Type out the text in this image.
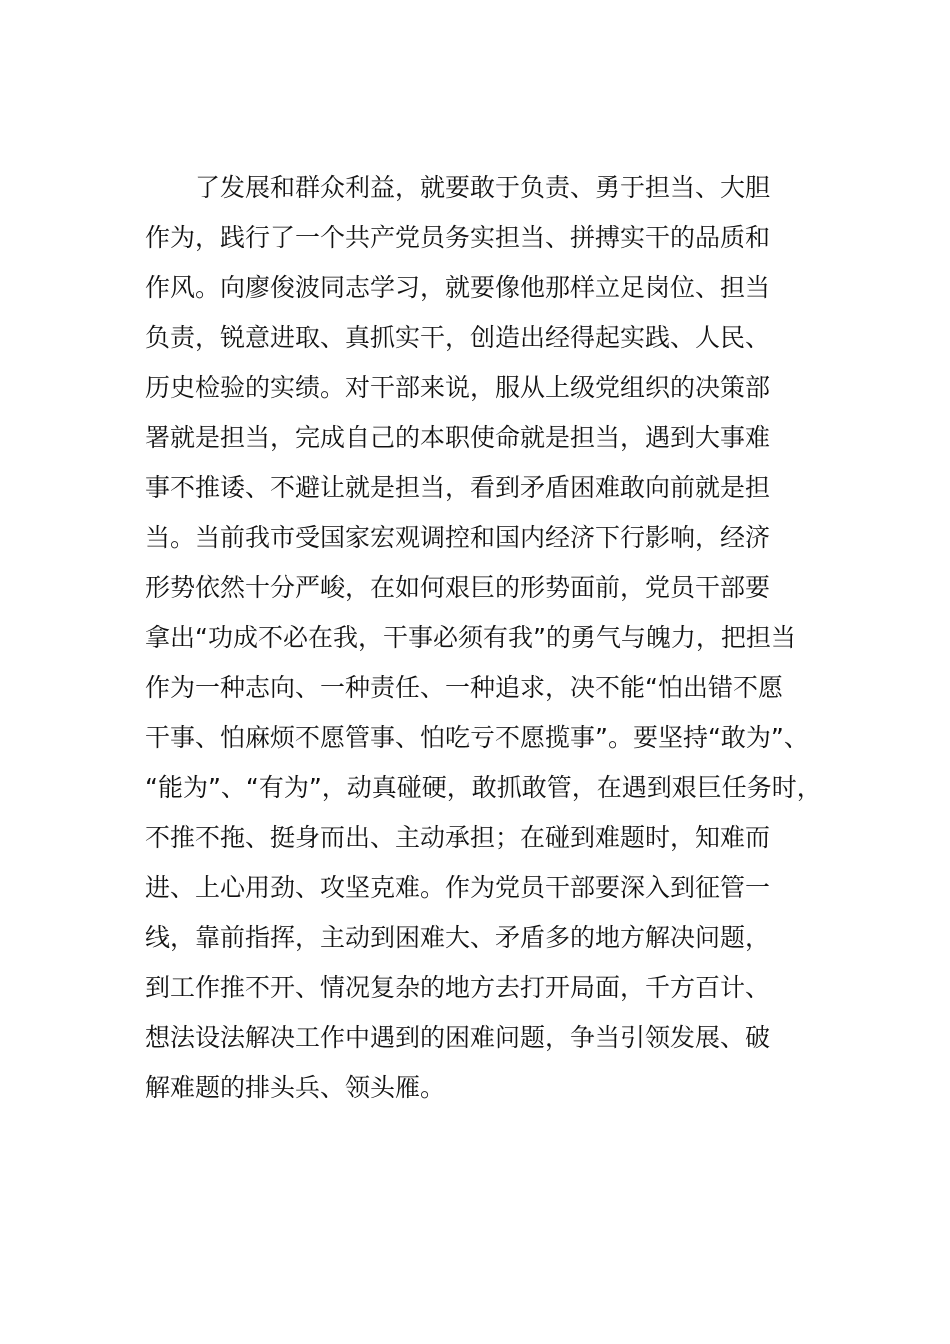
了发展和群众利益，就要敢于负责、勇于担当、大胆
作为，践行了一个共产党员务实担当、拼搏实干的品质和
作风。向廖俊波同志学习，就要像他那样立足岗位、担当
负责，锐意进取、真抓实干，创造出经得起实践、人民、
历史检验的实绩。对干部来说，服从上级党组织的决策部
署就是担当，完成自己的本职使命就是担当，遇到大事难
事不推诿、不避让就是担当，看到矛盾困难敢向前就是担
当。当前我市受国家宏观调控和国内经济下行影响，经济
形势依然十分严峻，在如何艰巨的形势面前，党员干部要
拿出“功成不必在我，干事必须有我”的勇气与魄力，把担当
作为一种志向、一种责任、一种追求，决不能“怕出错不愿
干事、怕麻烦不愿管事、怕吃亏不愿揽事”。要坚持“敢为”、
“能为”、“有为”，动真碰硬，敢抓敢管，在遇到艰巨任务时，
不推不拖、挺身而出、主动承担；在碰到难题时，知难而
进、上心用劲、攻坚克难。作为党员干部要深入到征管一
线，靠前指挥，主动到困难大、矛盾多的地方解决问题，
到工作推不开、情况复杂的地方去打开局面，千方百计、
想法设法解决工作中遇到的困难问题，争当引领发展、破
解难题的排头兵、领头雁。
